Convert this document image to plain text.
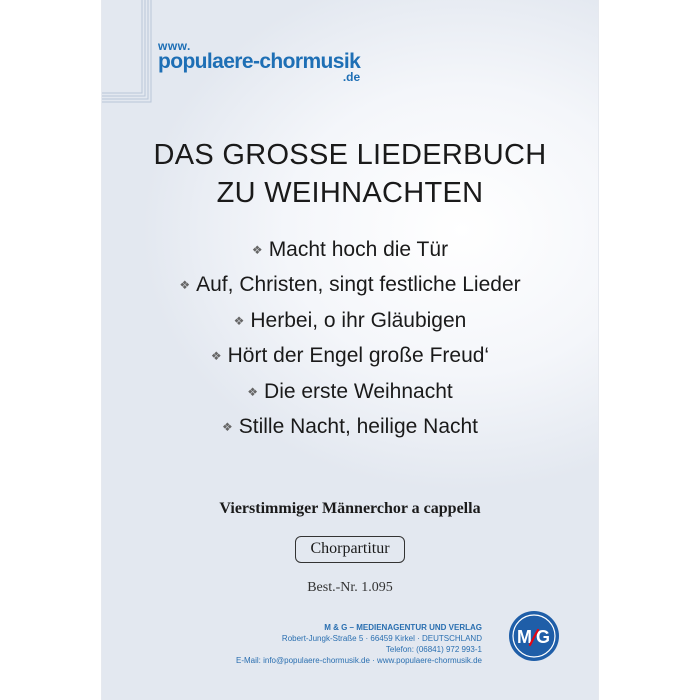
www.
populaere-chormusik
.de
DAS GROSSE LIEDERBUCH
ZU WEIHNACHTEN
❖ Macht hoch die Tür
❖ Auf, Christen, singt festliche Lieder
❖ Herbei, o ihr Gläubigen
❖ Hört der Engel große Freud‘
❖ Die erste Weihnacht
❖ Stille Nacht, heilige Nacht
Vierstimmiger Männerchor a cappella
Chorpartitur
Best.-Nr. 1.095
M & G – MEDIENAGENTUR UND VERLAG
Robert-Jungk-Straße 5 · 66459 Kirkel · DEUTSCHLAND
Telefon: (06841) 972 993-1
E-Mail: info@populaere-chormusik.de · www.populaere-chormusik.de
M G
